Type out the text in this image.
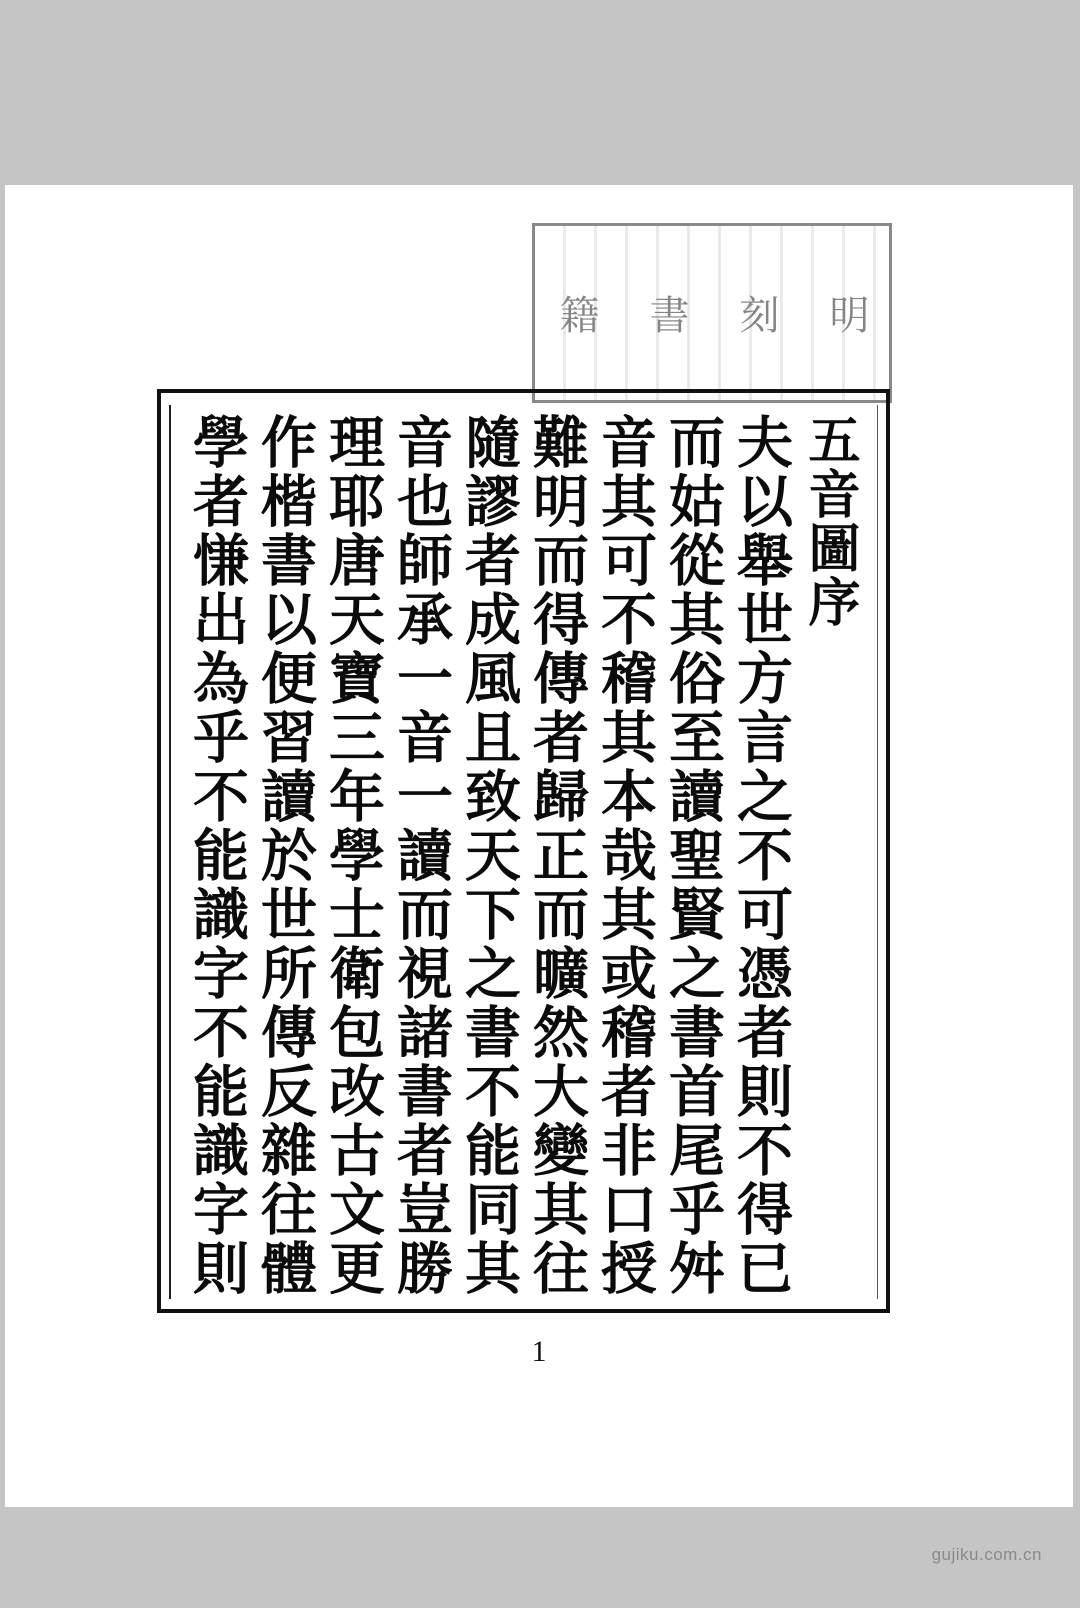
明
刻
書
籍
五音圖序
夫以舉世方言之不可憑者則不得已
而姑從其俗至讀聖賢之書首尾乎舛
音其可不稽其本哉其或稽者非口授
難明而得傳者歸正而曠然大變其往
隨謬者成風且致天下之書不能同其
音也師承一音一讀而視諸書者豈勝
理耶唐天寶三年學士衛包改古文更
作楷書以便習讀於世所傳反雜往體
學者慊出為乎不能識字不能識字則
1
gujiku.com.cn
